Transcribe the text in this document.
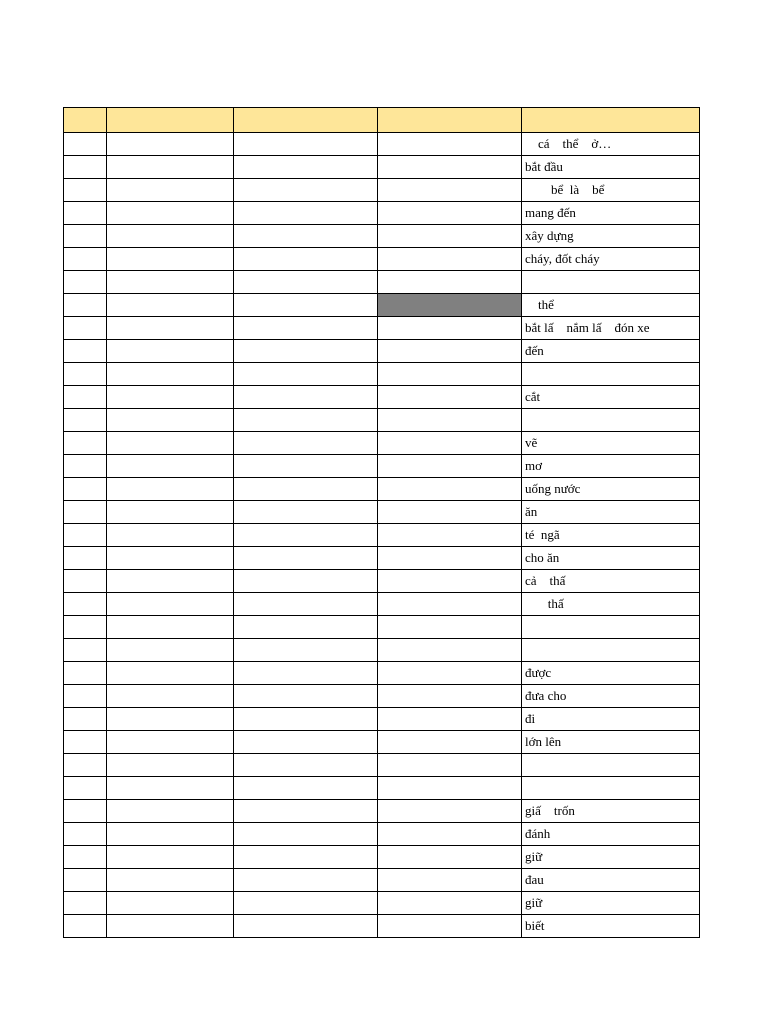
				cá    thể    ở…
				bắt đầu
				bể  là    bể
				mang đến
				xây dựng
				cháy, đốt cháy

				thể
				bắt lấ    nắm lấ    đón xe
				đến

				cắt

				vẽ
				mơ
				uống nước
				ăn
				té  ngã
				cho ăn
				cả    thấ
				thấ

				được
				đưa cho
				đi
				lớn lên

				giấ    trốn
				đánh
				giữ
				đau
				giữ
				biết
